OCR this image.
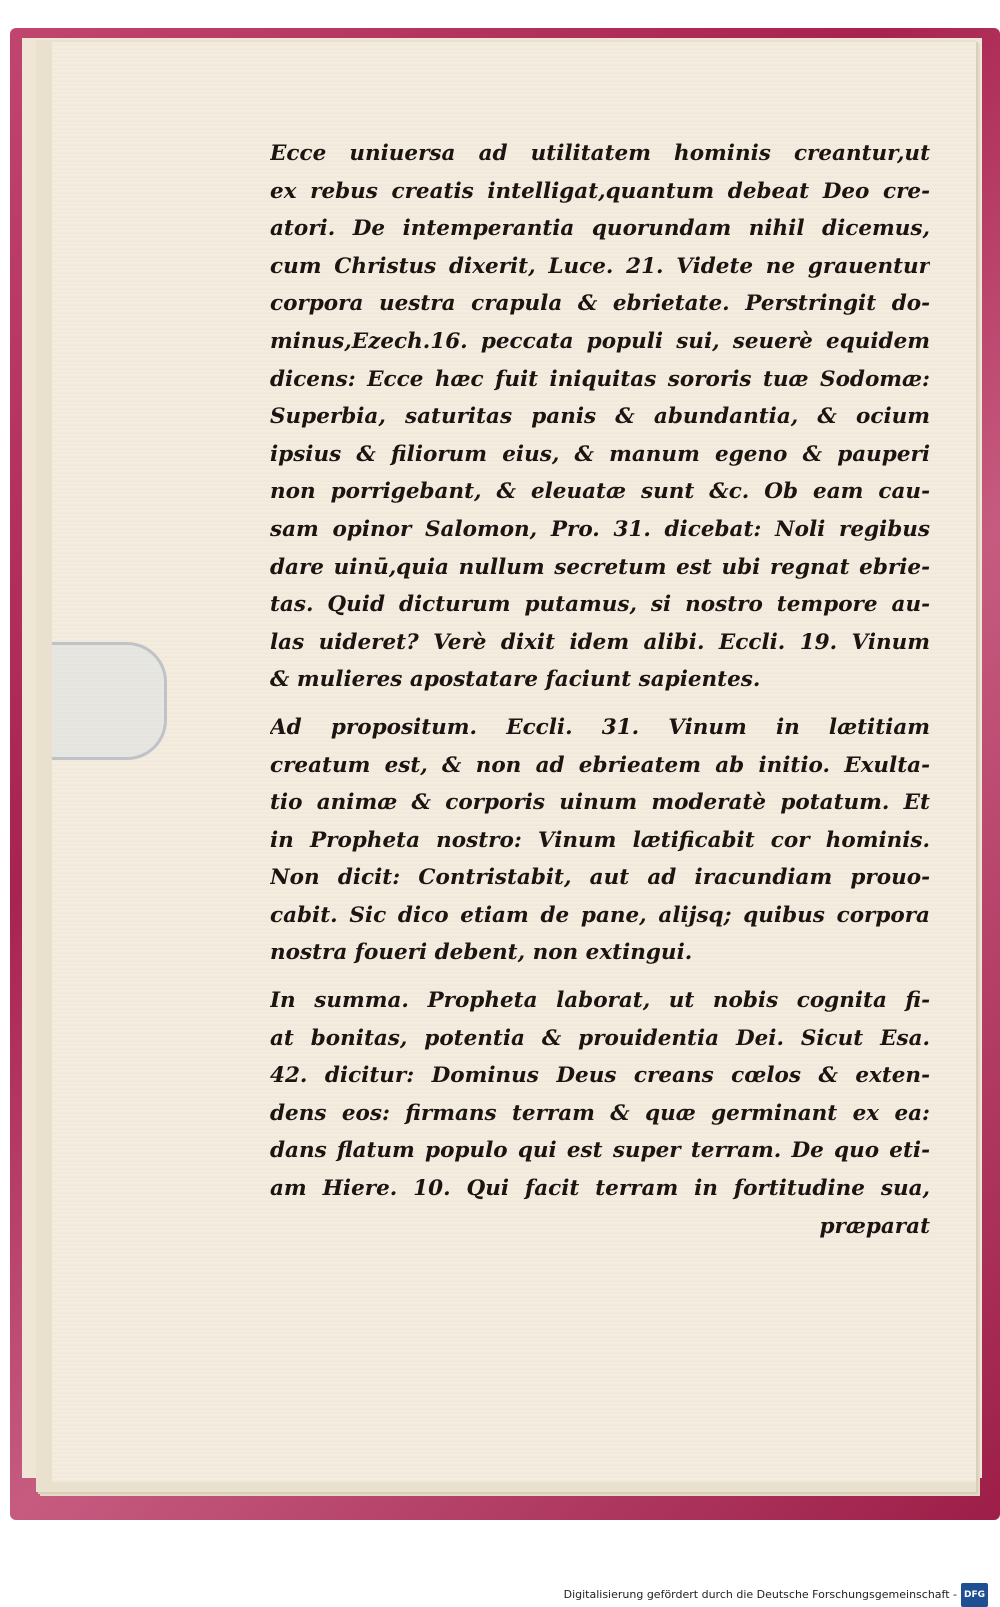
Ecce uniuersa ad utilitatem hominis creantur,ut
ex rebus creatis intelligat,quantum debeat Deo cre-
atori. De intemperantia quorundam nihil dicemus,
cum Christus dixerit, Luce. 21. Videte ne grauentur
corpora uestra crapula & ebrietate. Perstringit do-
minus,Ezech.16. peccata populi sui, seuerè equidem
dicens: Ecce hæc fuit iniquitas sororis tuæ Sodomæ:
Superbia, saturitas panis & abundantia, & ocium
ipsius & filiorum eius, & manum egeno & pauperi
non porrigebant, & eleuatæ sunt &c. Ob eam cau-
sam opinor Salomon, Pro. 31. dicebat: Noli regibus
dare uinū,quia nullum secretum est ubi regnat ebrie-
tas. Quid dicturum putamus, si nostro tempore au-
las uideret? Verè dixit idem alibi. Eccli. 19. Vinum
& mulieres apostatare faciunt sapientes.
Ad propositum. Eccli. 31. Vinum in lætitiam
creatum est, & non ad ebrieatem ab initio. Exulta-
tio animæ & corporis uinum moderatè potatum. Et
in Propheta nostro: Vinum lætificabit cor hominis.
Non dicit: Contristabit, aut ad iracundiam prouo-
cabit. Sic dico etiam de pane, alijsq; quibus corpora
nostra foueri debent, non extingui.
In summa. Propheta laborat, ut nobis cognita fi-
at bonitas, potentia & prouidentia Dei. Sicut Esa.
42. dicitur: Dominus Deus creans cœlos & exten-
dens eos: firmans terram & quæ germinant ex ea:
dans flatum populo qui est super terram. De quo eti-
am Hiere. 10. Qui facit terram in fortitudine sua,
præparat
Digitalisierung gefördert durch die Deutsche Forschungsgemeinschaft - DFG
